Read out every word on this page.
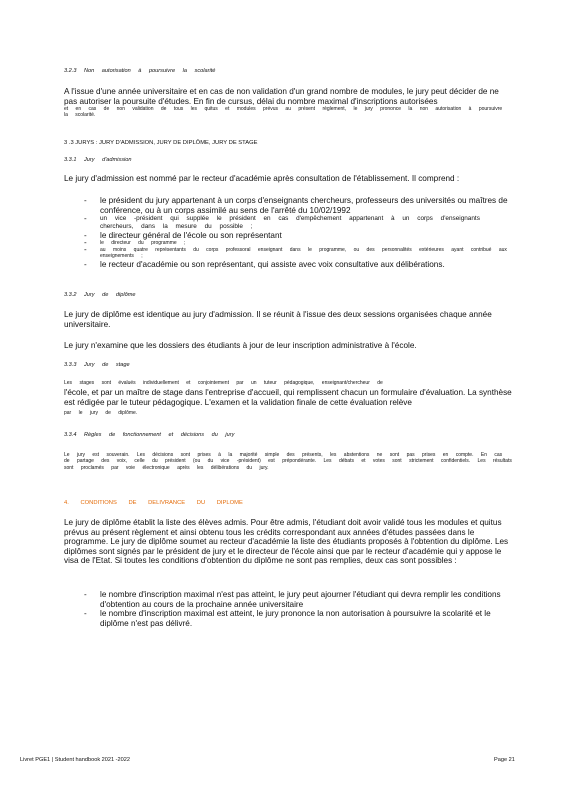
3.2.3 Non autorisation à poursuivre la scolarité
A l'issue d'une année universitaire et en cas de non validation d'un grand nombre de modules, le jury peut décider de ne pas autoriser la poursuite d'études. En fin de cursus, délai du nombre maximal d'inscriptions autorisées
et en cas de non validation de tous les quitus et modules prévus au présent règlement, le jury prononce la non autorisation à poursuivre la scolarité.
3 .3 JURYS : JURY D'ADMISSION, JURY DE DIPLÔME, JURY DE STAGE
3.3.1 Jury d'admission
Le jury d'admission est nommé par le recteur d'académie après consultation de l'établissement. Il comprend :
- le président du jury appartenant à un corps d'enseignants chercheurs, professeurs des universités ou maîtres de conférence, ou à un corps assimilé au sens de l'arrêté du 10/02/1992
- un vice -président qui supplée le président en cas d'empêchement appartenant à un corps d'enseignants chercheurs, dans la mesure du possible ;
- le directeur général de l'école ou son représentant
- le directeur du programme ;
- au moins quatre représentants du corps professoral enseignant dans le programme, ou des personnalités extérieures ayant contribué aux enseignements ;
- le recteur d'académie ou son représentant, qui assiste avec voix consultative aux délibérations.
3.3.2 Jury de diplôme
Le jury de diplôme est identique au jury d'admission. Il se réunit à l'issue des deux sessions organisées chaque année universitaire.
Le jury n'examine que les dossiers des étudiants à jour de leur inscription administrative à l'école.
3.3.3 Jury de stage
Les stages sont évalués individuellement et conjointement par un tuteur pédagogique, enseignant/chercheur de
l'école, et par un maître de stage dans l'entreprise d'accueil, qui remplissent chacun un formulaire d'évaluation. La synthèse est rédigée par le tuteur pédagogique. L'examen et la validation finale de cette évaluation relève
par le jury de diplôme.
3.3.4 Règles de fonctionnement et décisions du jury
Le jury est souverain. Les décisions sont prises à la majorité simple des présents, les abstentions ne sont pas prises en compte. En cas de partage des voix, celle du président (ou du vice -président) est prépondérante. Les débats et votes sont strictement confidentiels. Les résultats sont proclamés par voie électronique après les délibérations du jury.
4. CONDITIONS DE DELIVRANCE DU DIPLOME
Le jury de diplôme établit la liste des élèves admis. Pour être admis, l'étudiant doit avoir validé tous les modules et quitus prévus au présent règlement et ainsi obtenu tous les crédits correspondant aux années d'études passées dans le programme. Le jury de diplôme soumet au recteur d'académie la liste des étudiants proposés à l'obtention du diplôme. Les diplômes sont signés par le président de jury et le directeur de l'école ainsi que par le recteur d'académie qui y appose le visa de l'Etat. Si toutes les conditions d'obtention du diplôme ne sont pas remplies, deux cas sont possibles :
- le nombre d'inscription maximal n'est pas atteint, le jury peut ajourner l'étudiant qui devra remplir les conditions d'obtention au cours de la prochaine année universitaire
- le nombre d'inscription maximal est atteint, le jury prononce la non autorisation à poursuivre la scolarité et le diplôme n'est pas délivré.
Livret PGE1 | Student handbook 2021 -2022	Page 21
